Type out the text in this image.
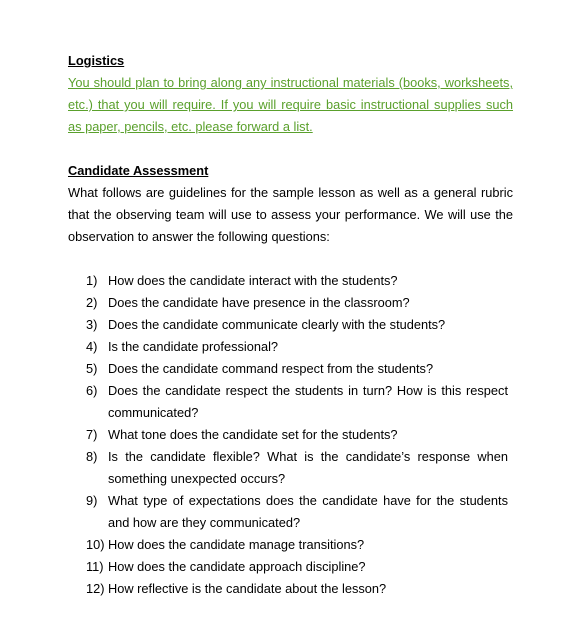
Logistics

You should plan to bring along any instructional materials (books, worksheets, etc.) that you will require. If you will require basic instructional supplies such as paper, pencils, etc. please forward a list.

Candidate Assessment

What follows are guidelines for the sample lesson as well as a general rubric that the observing team will use to assess your performance. We will use the observation to answer the following questions:

1) How does the candidate interact with the students?
2) Does the candidate have presence in the classroom?
3) Does the candidate communicate clearly with the students?
4) Is the candidate professional?
5) Does the candidate command respect from the students?
6) Does the candidate respect the students in turn? How is this respect communicated?
7) What tone does the candidate set for the students?
8) Is the candidate flexible? What is the candidate’s response when something unexpected occurs?
9) What type of expectations does the candidate have for the students and how are they communicated?
10) How does the candidate manage transitions?
11) How does the candidate approach discipline?
12) How reflective is the candidate about the lesson?
